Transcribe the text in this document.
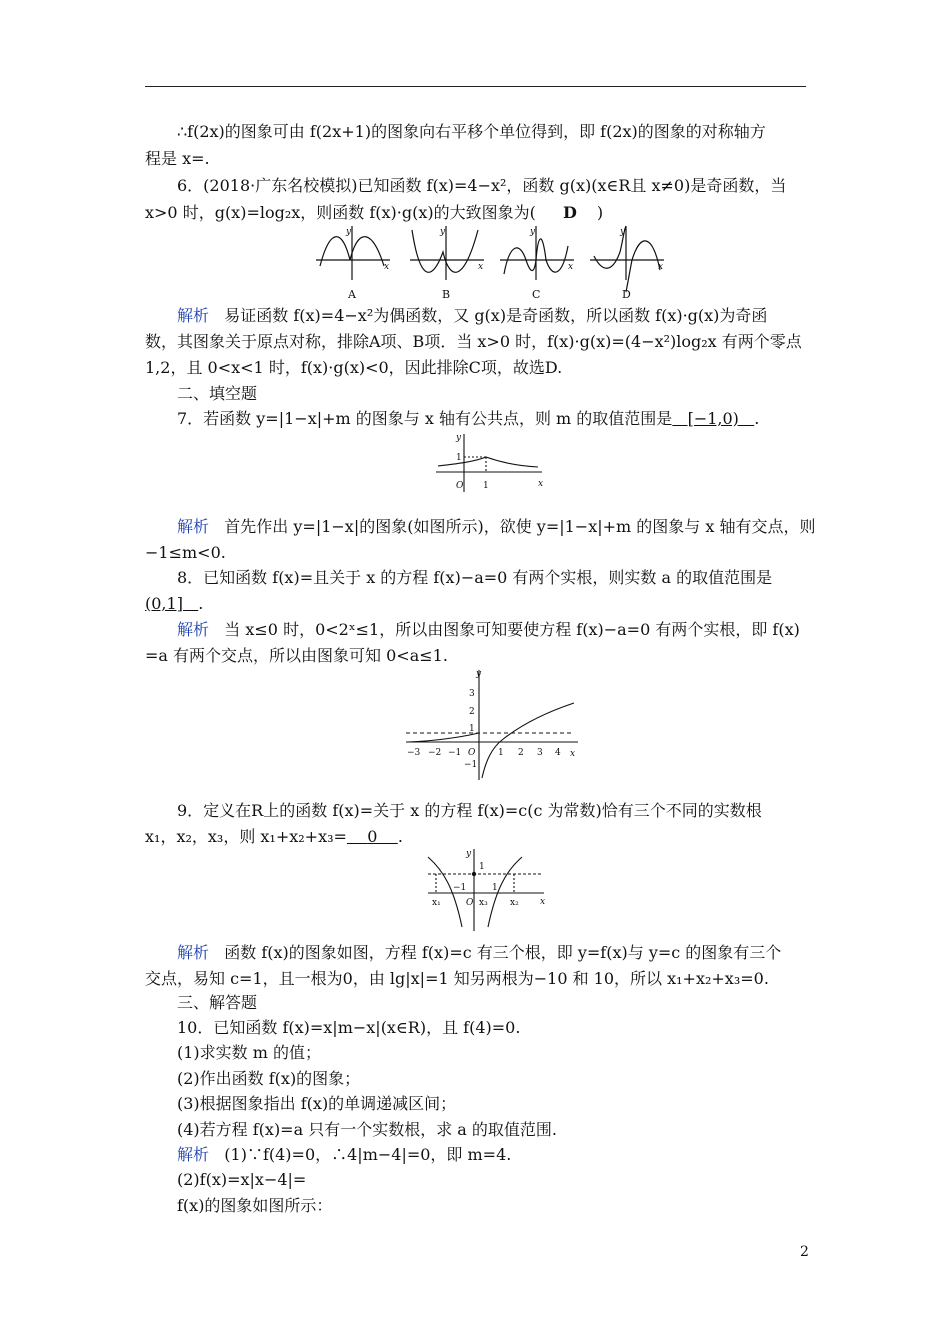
∴f(2x)的图象可由 f(2x+1)的图象向右平移个单位得到，即 f(2x)的图象的对称轴方
程是 x=.
6．(2018·广东名校模拟)已知函数 f(x)=4−x²，函数 g(x)(x∈R且 x≠0)是奇函数，当
x>0 时，g(x)=log₂x，则函数 f(x)·g(x)的大致图象为( D )
y
x
y
x
y
x
y
x
A	B	C	D
解析 易证函数 f(x)=4−x²为偶函数，又 g(x)是奇函数，所以函数 f(x)·g(x)为奇函
数，其图象关于原点对称，排除A项、B项．当 x>0 时，f(x)·g(x)=(4−x²)log₂x 有两个零点
1,2，且 0<x<1 时，f(x)·g(x)<0，因此排除C项，故选D.
二、填空题
7．若函数 y=|1−x|+m 的图象与 x 轴有公共点，则 m 的取值范围是 [−1,0) .
y
x
O 1
1
解析 首先作出 y=|1−x|的图象(如图所示)，欲使 y=|1−x|+m 的图象与 x 轴有交点，则
−1≤m<0.
8．已知函数 f(x)=且关于 x 的方程 f(x)−a=0 有两个实根，则实数 a 的取值范围是
(0,1] .
解析 当 x≤0 时，0<2ˣ≤1，所以由图象可知要使方程 f(x)−a=0 有两个实根，即 f(x)
=a 有两个交点，所以由图象可知 0<a≤1.
y
x
−3 −2 −1 O	1 2 3 4
3
2
1
−1
9．定义在R上的函数 f(x)=关于 x 的方程 f(x)=c(c 为常数)恰有三个不同的实数根
x₁，x₂，x₃，则 x₁+x₂+x₃= 0 .
y
x
1
−1	1
O
x₁	x₃ x₂
解析 函数 f(x)的图象如图，方程 f(x)=c 有三个根，即 y=f(x)与 y=c 的图象有三个
交点，易知 c=1，且一根为0，由 lg|x|=1 知另两根为−10 和 10，所以 x₁+x₂+x₃=0.
三、解答题
10．已知函数 f(x)=x|m−x|(x∈R)，且 f(4)=0.
(1)求实数 m 的值；
(2)作出函数 f(x)的图象；
(3)根据图象指出 f(x)的单调递减区间；
(4)若方程 f(x)=a 只有一个实数根，求 a 的取值范围.
解析 (1)∵f(4)=0，∴4|m−4|=0，即 m=4.
(2)f(x)=x|x−4|=
f(x)的图象如图所示：
2
